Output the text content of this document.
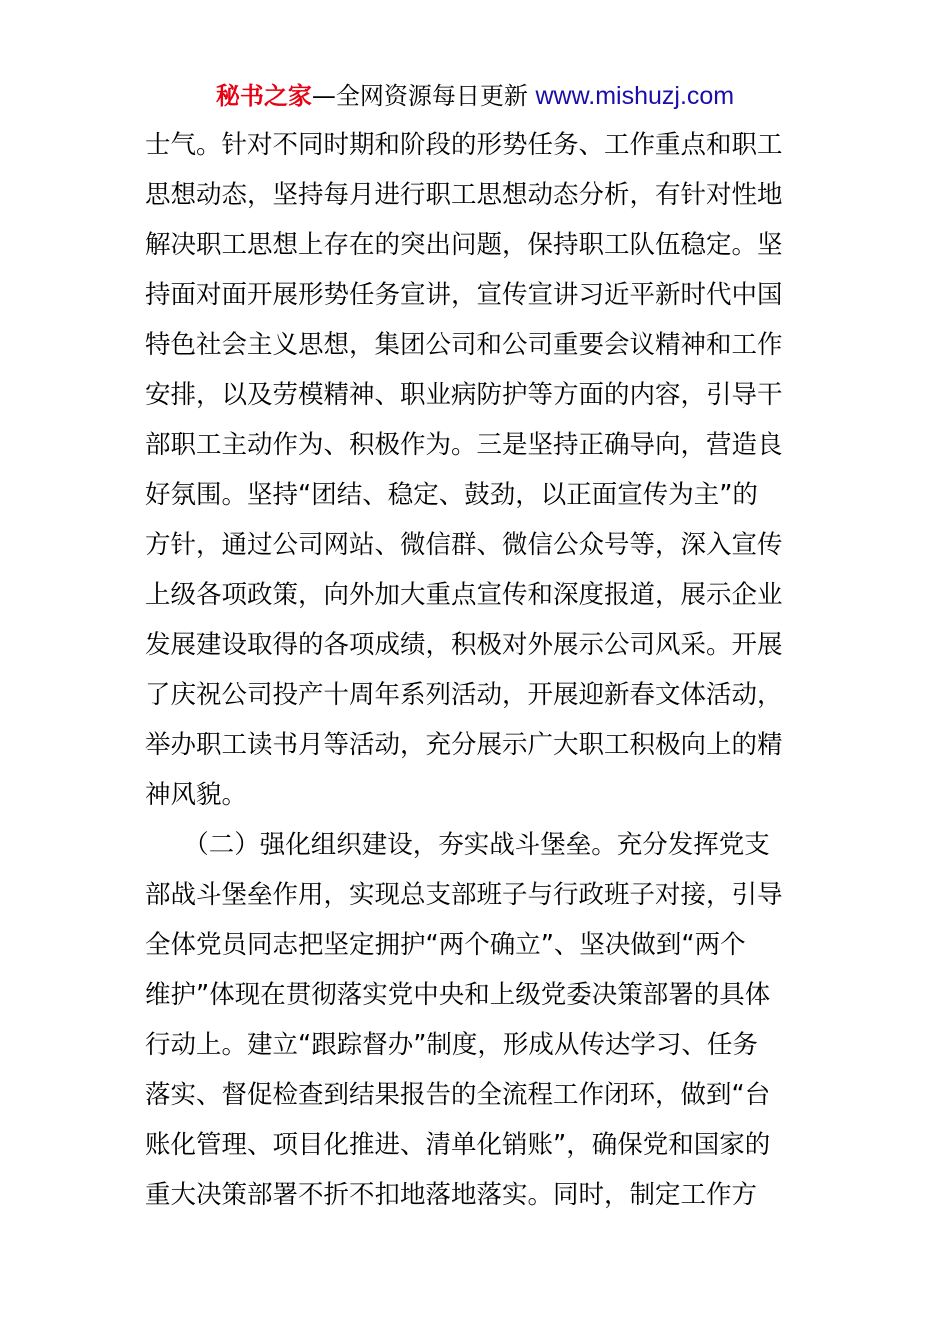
秘书之家—全网资源每日更新 www.mishuzj.com
士气。针对不同时期和阶段的形势任务、工作重点和职工
思想动态，坚持每月进行职工思想动态分析，有针对性地
解决职工思想上存在的突出问题，保持职工队伍稳定。坚
持面对面开展形势任务宣讲，宣传宣讲习近平新时代中国
特色社会主义思想，集团公司和公司重要会议精神和工作
安排，以及劳模精神、职业病防护等方面的内容，引导干
部职工主动作为、积极作为。三是坚持正确导向，营造良
好氛围。坚持“团结、稳定、鼓劲，以正面宣传为主”的
方针，通过公司网站、微信群、微信公众号等，深入宣传
上级各项政策，向外加大重点宣传和深度报道，展示企业
发展建设取得的各项成绩，积极对外展示公司风采。开展
了庆祝公司投产十周年系列活动，开展迎新春文体活动，
举办职工读书月等活动，充分展示广大职工积极向上的精
神风貌。
　　（二）强化组织建设，夯实战斗堡垒。充分发挥党支
部战斗堡垒作用，实现总支部班子与行政班子对接，引导
全体党员同志把坚定拥护“两个确立”、坚决做到“两个
维护”体现在贯彻落实党中央和上级党委决策部署的具体
行动上。建立“跟踪督办”制度，形成从传达学习、任务
落实、督促检查到结果报告的全流程工作闭环，做到“台
账化管理、项目化推进、清单化销账”，确保党和国家的
重大决策部署不折不扣地落地落实。同时，制定工作方
